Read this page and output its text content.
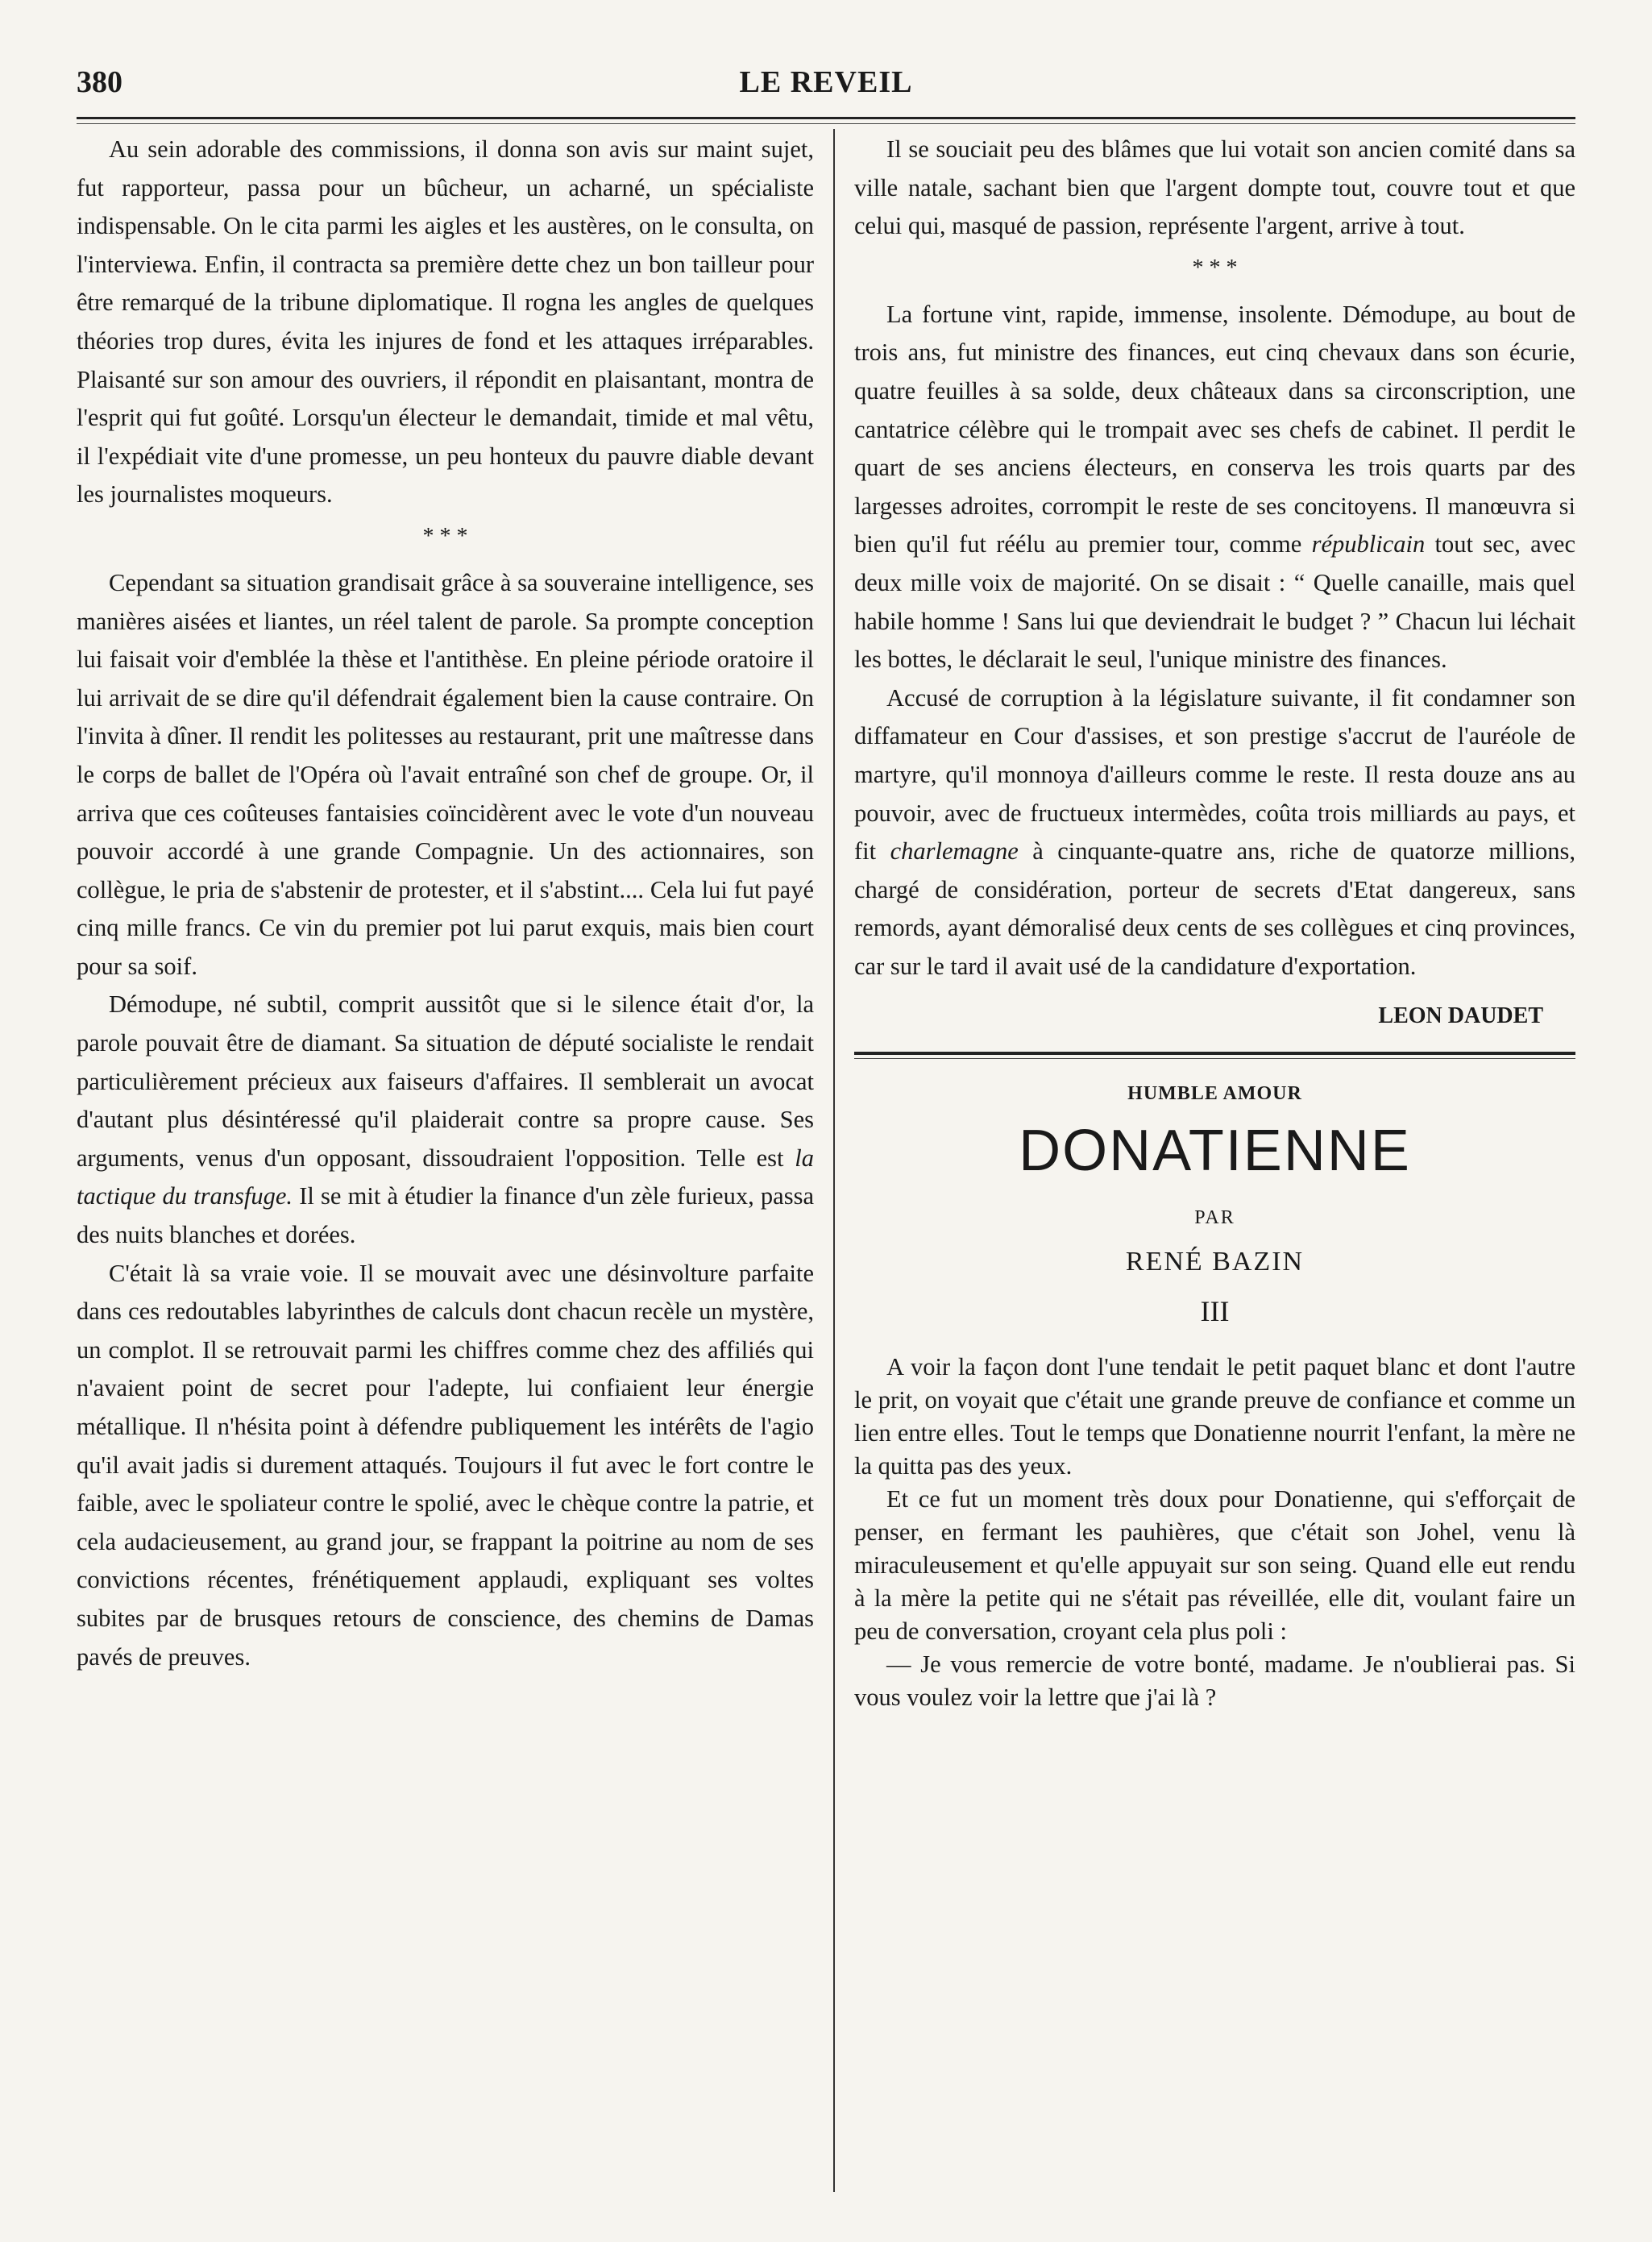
380	LE REVEIL

Au sein adorable des commissions, il donna son avis sur maint sujet, fut rapporteur, passa pour un bûcheur, un acharné, un spécialiste indispensable. On le cita parmi les aigles et les austères, on le consulta, on l'interviewa. Enfin, il contracta sa première dette chez un bon tailleur pour être remarqué de la tribune diplomatique. Il rogna les angles de quelques théories trop dures, évita les injures de fond et les attaques irréparables. Plaisanté sur son amour des ouvriers, il répondit en plaisantant, montra de l'esprit qui fut goûté. Lorsqu'un électeur le demandait, timide et mal vêtu, il l'expédiait vite d'une promesse, un peu honteux du pauvre diable devant les journalistes moqueurs.

* * *

Cependant sa situation grandisait grâce à sa souveraine intelligence, ses manières aisées et liantes, un réel talent de parole. Sa prompte conception lui faisait voir d'emblée la thèse et l'antithèse. En pleine période oratoire il lui arrivait de se dire qu'il défendrait également bien la cause contraire. On l'invita à dîner. Il rendit les politesses au restaurant, prit une maîtresse dans le corps de ballet de l'Opéra où l'avait entraîné son chef de groupe. Or, il arriva que ces coûteuses fantaisies coïncidèrent avec le vote d'un nouveau pouvoir accordé à une grande Compagnie. Un des actionnaires, son collègue, le pria de s'abstenir de protester, et il s'abstint.... Cela lui fut payé cinq mille francs. Ce vin du premier pot lui parut exquis, mais bien court pour sa soif.

Démodupe, né subtil, comprit aussitôt que si le silence était d'or, la parole pouvait être de diamant. Sa situation de député socialiste le rendait particulièrement précieux aux faiseurs d'affaires. Il semblerait un avocat d'autant plus désintéressé qu'il plaiderait contre sa propre cause. Ses arguments, venus d'un opposant, dissoudraient l'opposition. Telle est la tactique du transfuge. Il se mit à étudier la finance d'un zèle furieux, passa des nuits blanches et dorées.

C'était là sa vraie voie. Il se mouvait avec une désinvolture parfaite dans ces redoutables labyrinthes de calculs dont chacun recèle un mystère, un complot. Il se retrouvait parmi les chiffres comme chez des affiliés qui n'avaient point de secret pour l'adepte, lui confiaient leur énergie métallique. Il n'hésita point à défendre publiquement les intérêts de l'agio qu'il avait jadis si durement attaqués. Toujours il fut avec le fort contre le faible, avec le spoliateur contre le spolié, avec le chèque contre la patrie, et cela audacieusement, au grand jour, se frappant la poitrine au nom de ses convictions récentes, frénétiquement applaudi, expliquant ses voltes subites par de brusques retours de conscience, des chemins de Damas pavés de preuves.

Il se souciait peu des blâmes que lui votait son ancien comité dans sa ville natale, sachant bien que l'argent dompte tout, couvre tout et que celui qui, masqué de passion, représente l'argent, arrive à tout.

* * *

La fortune vint, rapide, immense, insolente. Démodupe, au bout de trois ans, fut ministre des finances, eut cinq chevaux dans son écurie, quatre feuilles à sa solde, deux châteaux dans sa circonscription, une cantatrice célèbre qui le trompait avec ses chefs de cabinet. Il perdit le quart de ses anciens électeurs, en conserva les trois quarts par des largesses adroites, corrompit le reste de ses concitoyens. Il manœuvra si bien qu'il fut réélu au premier tour, comme républicain tout sec, avec deux mille voix de majorité. On se disait : “ Quelle canaille, mais quel habile homme ! Sans lui que deviendrait le budget ? ” Chacun lui léchait les bottes, le déclarait le seul, l'unique ministre des finances.

Accusé de corruption à la législature suivante, il fit condamner son diffamateur en Cour d'assises, et son prestige s'accrut de l'auréole de martyre, qu'il monnoya d'ailleurs comme le reste. Il resta douze ans au pouvoir, avec de fructueux intermèdes, coûta trois milliards au pays, et fit charlemagne à cinquante-quatre ans, riche de quatorze millions, chargé de considération, porteur de secrets d'Etat dangereux, sans remords, ayant démoralisé deux cents de ses collègues et cinq provinces, car sur le tard il avait usé de la candidature d'exportation.

LEON DAUDET
HUMBLE AMOUR
DONATIENNE
PAR
RENÉ BAZIN
III

A voir la façon dont l'une tendait le petit paquet blanc et dont l'autre le prit, on voyait que c'était une grande preuve de confiance et comme un lien entre elles. Tout le temps que Donatienne nourrit l'enfant, la mère ne la quitta pas des yeux.

Et ce fut un moment très doux pour Donatienne, qui s'efforçait de penser, en fermant les pauhières, que c'était son Johel, venu là miraculeusement et qu'elle appuyait sur son seing. Quand elle eut rendu à la mère la petite qui ne s'était pas réveillée, elle dit, voulant faire un peu de conversation, croyant cela plus poli :

— Je vous remercie de votre bonté, madame. Je n'oublierai pas. Si vous voulez voir la lettre que j'ai là ?
